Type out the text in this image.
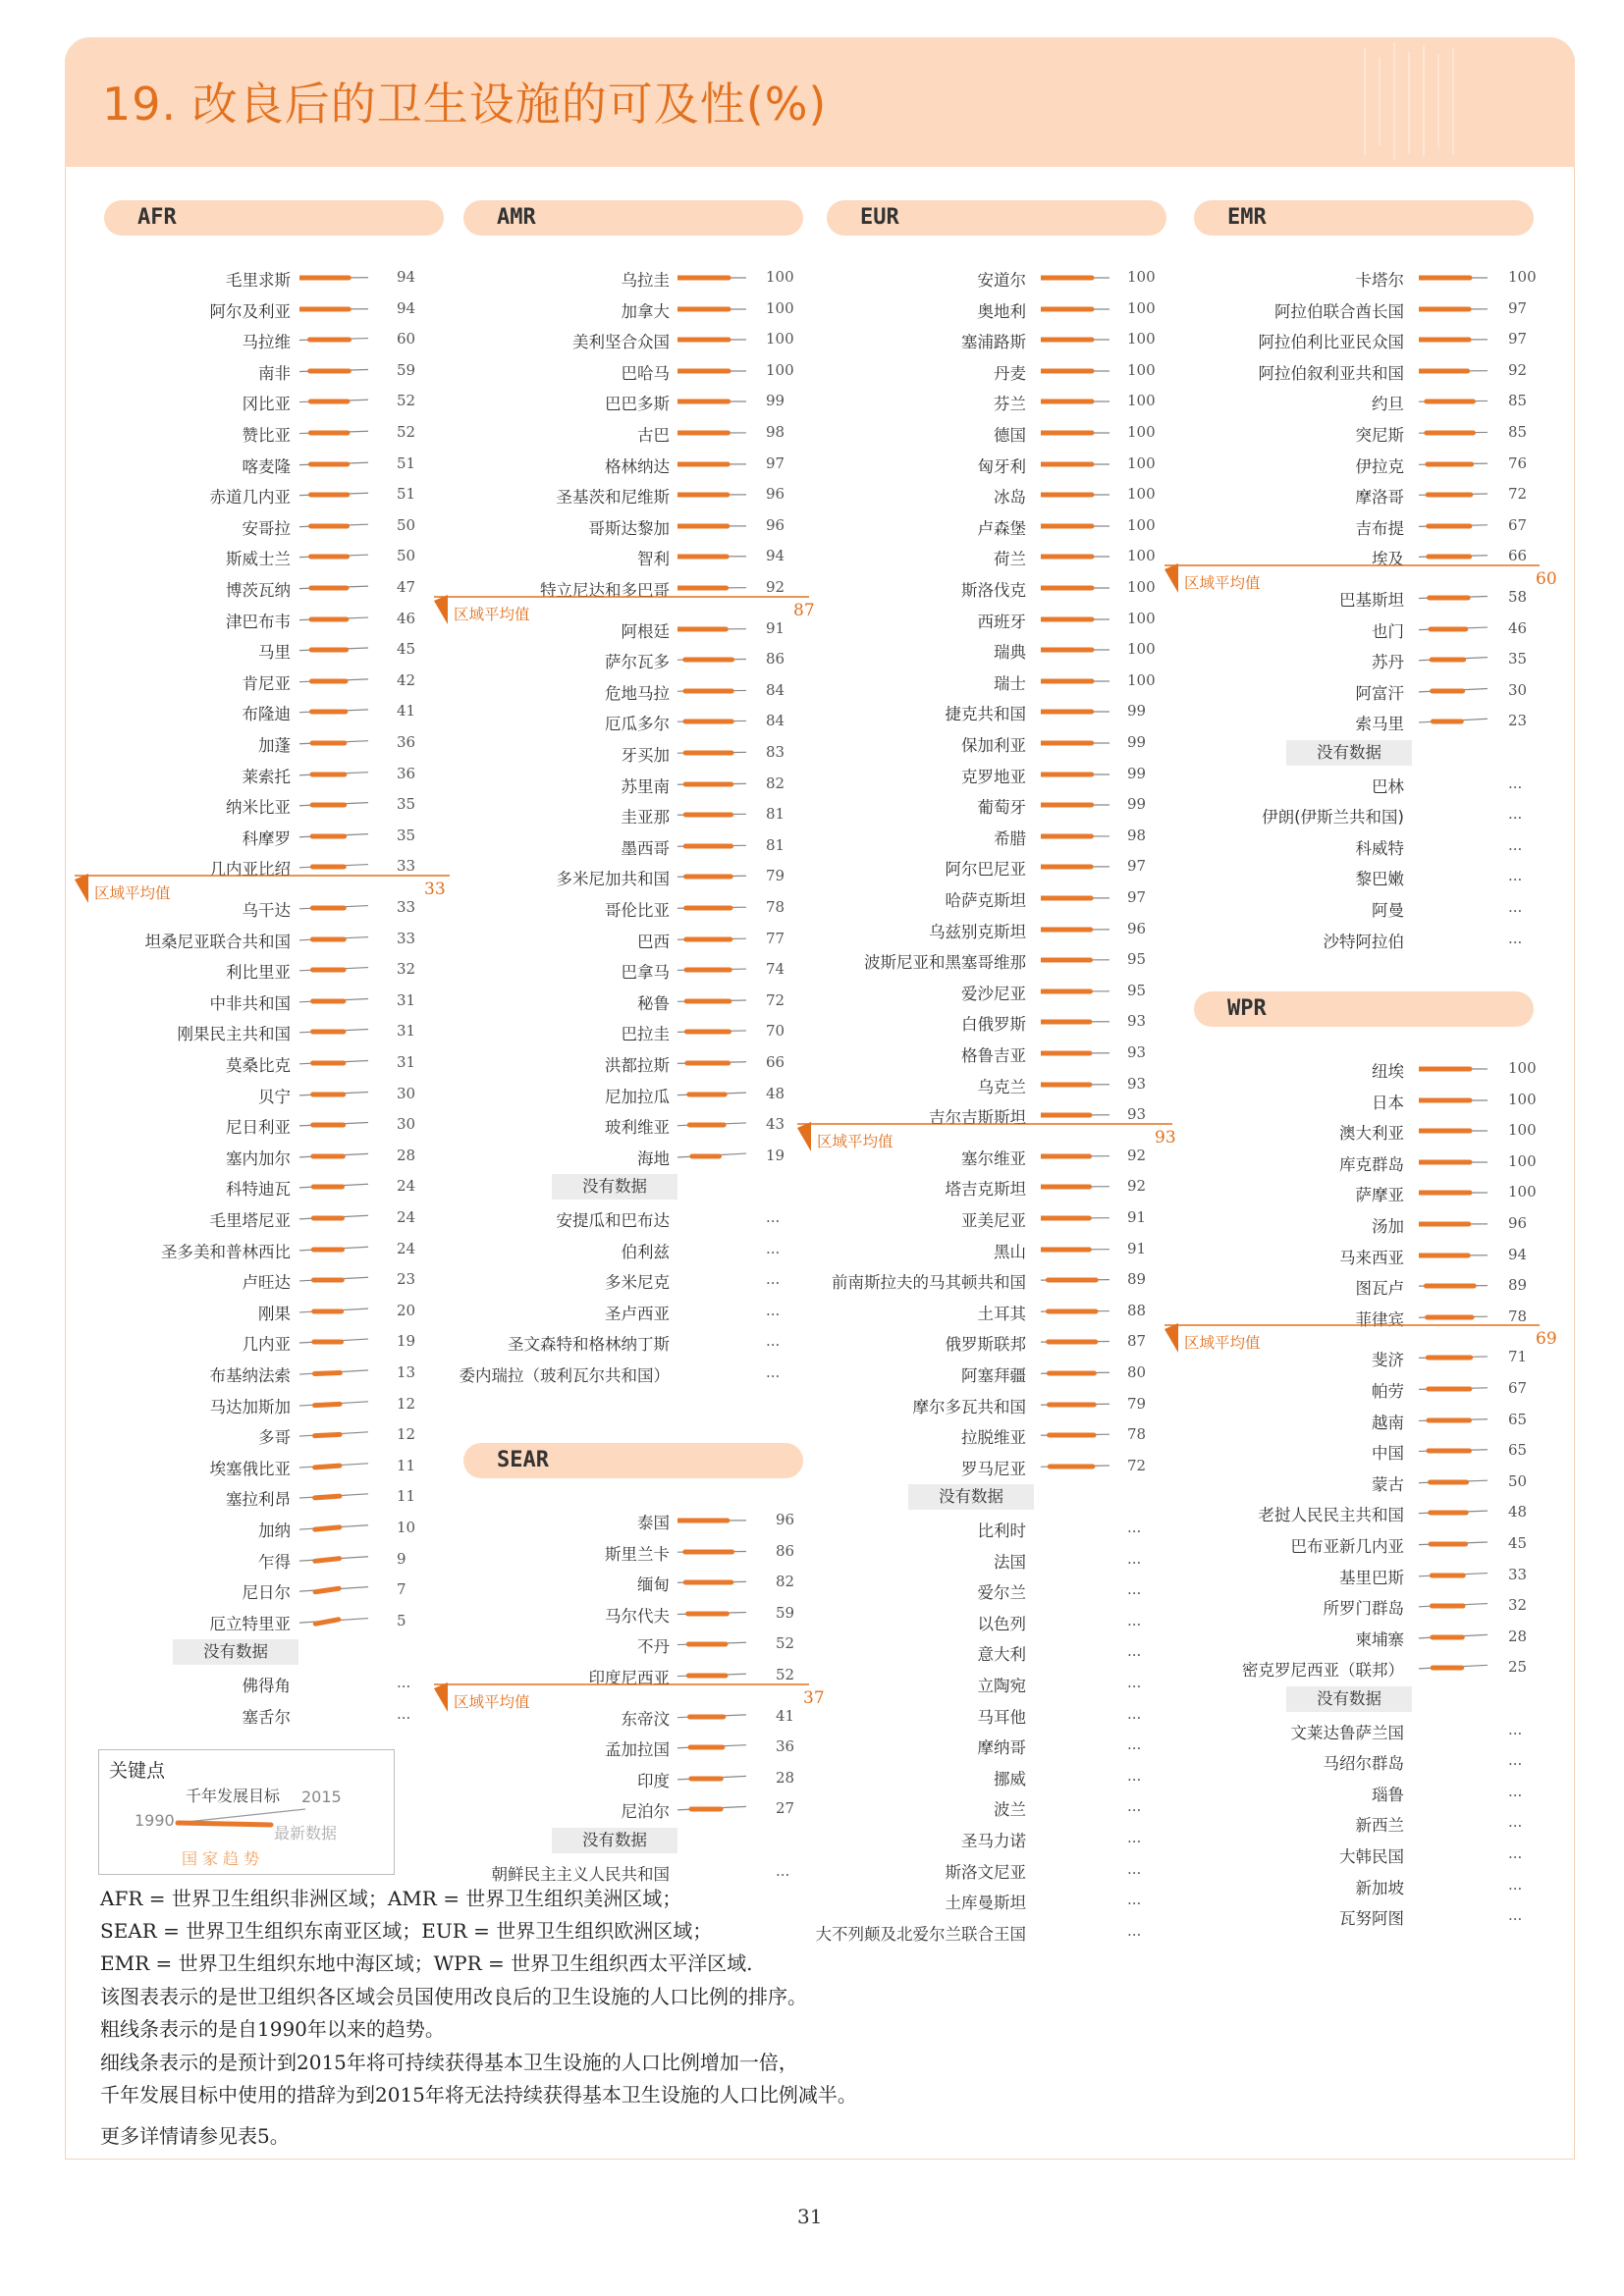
19. 改良后的卫生设施的可及性(%)
AFR
毛里求斯	94
阿尔及利亚	94
马拉维	60
南非	59
冈比亚	52
赞比亚	52
喀麦隆	51
赤道几内亚	51
安哥拉	50
斯威士兰	50
博茨瓦纳	47
津巴布韦	46
马里	45
肯尼亚	42
布隆迪	41
加蓬	36
莱索托	36
纳米比亚	35
科摩罗	35
几内亚比绍	33
区域平均值	33
乌干达	33
坦桑尼亚联合共和国	33
利比里亚	32
中非共和国	31
刚果民主共和国	31
莫桑比克	31
贝宁	30
尼日利亚	30
塞内加尔	28
科特迪瓦	24
毛里塔尼亚	24
圣多美和普林西比	24
卢旺达	23
刚果	20
几内亚	19
布基纳法索	13
马达加斯加	12
多哥	12
埃塞俄比亚	11
塞拉利昂	11
加纳	10
乍得	9
尼日尔	7
厄立特里亚	5
没有数据
佛得角	...
塞舌尔	...
AMR
乌拉圭	100
加拿大	100
美利坚合众国	100
巴哈马	100
巴巴多斯	99
古巴	98
格林纳达	97
圣基茨和尼维斯	96
哥斯达黎加	96
智利	94
特立尼达和多巴哥	92
区域平均值	87
阿根廷	91
萨尔瓦多	86
危地马拉	84
厄瓜多尔	84
牙买加	83
苏里南	82
圭亚那	81
墨西哥	81
多米尼加共和国	79
哥伦比亚	78
巴西	77
巴拿马	74
秘鲁	72
巴拉圭	70
洪都拉斯	66
尼加拉瓜	48
玻利维亚	43
海地	19
没有数据
安提瓜和巴布达	...
伯利兹	...
多米尼克	...
圣卢西亚	...
圣文森特和格林纳丁斯	...
委内瑞拉（玻利瓦尔共和国）	...
SEAR
泰国	96
斯里兰卡	86
缅甸	82
马尔代夫	59
不丹	52
印度尼西亚	52
区域平均值	37
东帝汶	41
孟加拉国	36
印度	28
尼泊尔	27
没有数据
朝鲜民主主义人民共和国	...
EUR
安道尔	100
奥地利	100
塞浦路斯	100
丹麦	100
芬兰	100
德国	100
匈牙利	100
冰岛	100
卢森堡	100
荷兰	100
斯洛伐克	100
西班牙	100
瑞典	100
瑞士	100
捷克共和国	99
保加利亚	99
克罗地亚	99
葡萄牙	99
希腊	98
阿尔巴尼亚	97
哈萨克斯坦	97
乌兹别克斯坦	96
波斯尼亚和黑塞哥维那	95
爱沙尼亚	95
白俄罗斯	93
格鲁吉亚	93
乌克兰	93
吉尔吉斯斯坦	93
区域平均值	93
塞尔维亚	92
塔吉克斯坦	92
亚美尼亚	91
黑山	91
前南斯拉夫的马其顿共和国	89
土耳其	88
俄罗斯联邦	87
阿塞拜疆	80
摩尔多瓦共和国	79
拉脱维亚	78
罗马尼亚	72
没有数据
比利时	...
法国	...
爱尔兰	...
以色列	...
意大利	...
立陶宛	...
马耳他	...
摩纳哥	...
挪威	...
波兰	...
圣马力诺	...
斯洛文尼亚	...
土库曼斯坦	...
大不列颠及北爱尔兰联合王国	...
EMR
卡塔尔	100
阿拉伯联合酋长国	97
阿拉伯利比亚民众国	97
阿拉伯叙利亚共和国	92
约旦	85
突尼斯	85
伊拉克	76
摩洛哥	72
吉布提	67
埃及	66
区域平均值	60
巴基斯坦	58
也门	46
苏丹	35
阿富汗	30
索马里	23
没有数据
巴林	...
伊朗(伊斯兰共和国)	...
科威特	...
黎巴嫩	...
阿曼	...
沙特阿拉伯	...
WPR
纽埃	100
日本	100
澳大利亚	100
库克群岛	100
萨摩亚	100
汤加	96
马来西亚	94
图瓦卢	89
菲律宾	78
区域平均值	69
斐济	71
帕劳	67
越南	65
中国	65
蒙古	50
老挝人民民主共和国	48
巴布亚新几内亚	45
基里巴斯	33
所罗门群岛	32
柬埔寨	28
密克罗尼西亚（联邦）	25
没有数据
文莱达鲁萨兰国	...
马绍尔群岛	...
瑙鲁	...
新西兰	...
大韩民国	...
新加坡	...
瓦努阿图	...
关键点
千年发展目标 2015
1990
最新数据
国家趋势
AFR = 世界卫生组织非洲区域；AMR = 世界卫生组织美洲区域；
SEAR = 世界卫生组织东南亚区域；EUR = 世界卫生组织欧洲区域；
EMR = 世界卫生组织东地中海区域；WPR = 世界卫生组织西太平洋区域.
该图表表示的是世卫组织各区域会员国使用改良后的卫生设施的人口比例的排序。
粗线条表示的是自1990年以来的趋势。
细线条表示的是预计到2015年将可持续获得基本卫生设施的人口比例增加一倍，
千年发展目标中使用的措辞为到2015年将无法持续获得基本卫生设施的人口比例减半。
更多详情请参见表5。
31
